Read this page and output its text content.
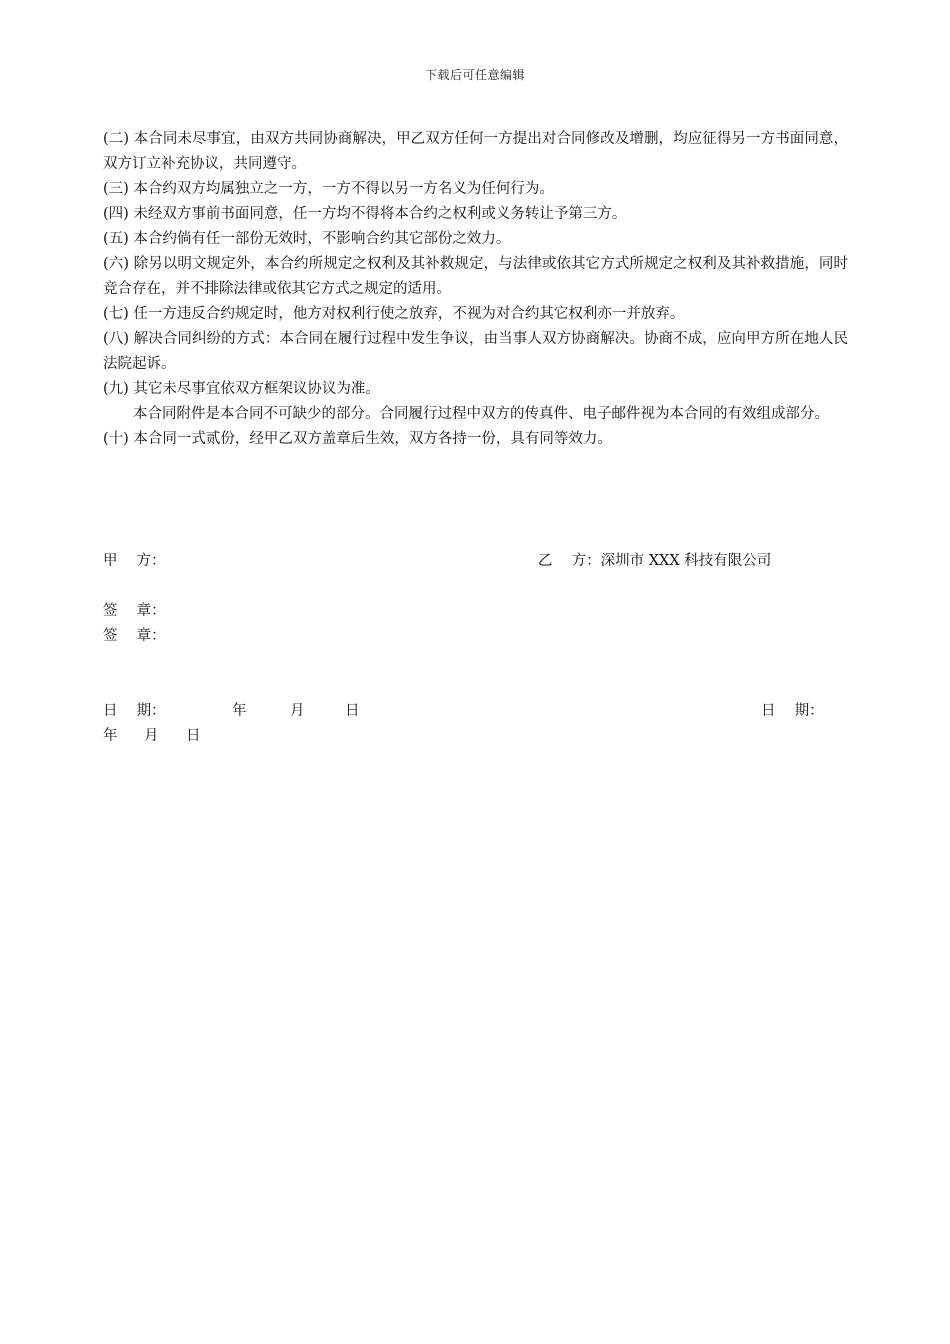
下载后可任意编辑

(二) 本合同未尽事宜，由双方共同协商解决，甲乙双方任何一方提出对合同修改及增删，均应征得另一方书面同意，双方订立补充协议，共同遵守。

(三) 本合约双方均属独立之一方，一方不得以另一方名义为任何行为。

(四) 未经双方事前书面同意，任一方均不得将本合约之权利或义务转让予第三方。

(五) 本合约倘有任一部份无效时，不影响合约其它部份之效力。

(六) 除另以明文规定外，本合约所规定之权利及其补救规定，与法律或依其它方式所规定之权利及其补救措施，同时竞合存在，并不排除法律或依其它方式之规定的适用。

(七) 任一方违反合约规定时，他方对权利行使之放弃，不视为对合约其它权利亦一并放弃。

(八) 解决合同纠纷的方式：本合同在履行过程中发生争议，由当事人双方协商解决。协商不成，应向甲方所在地人民法院起诉。

(九) 其它未尽事宜依双方框架议协议为准。

本合同附件是本合同不可缺少的部分。合同履行过程中双方的传真件、电子邮件视为本合同的有效组成部分。

(十) 本合同一式贰份，经甲乙双方盖章后生效，双方各持一份，具有同等效力。

甲　 方：	乙　 方：深圳市 XXX 科技有限公司
签　 章：
签　 章：
日　 期：	年	月	日	日　 期：
年 月 日
